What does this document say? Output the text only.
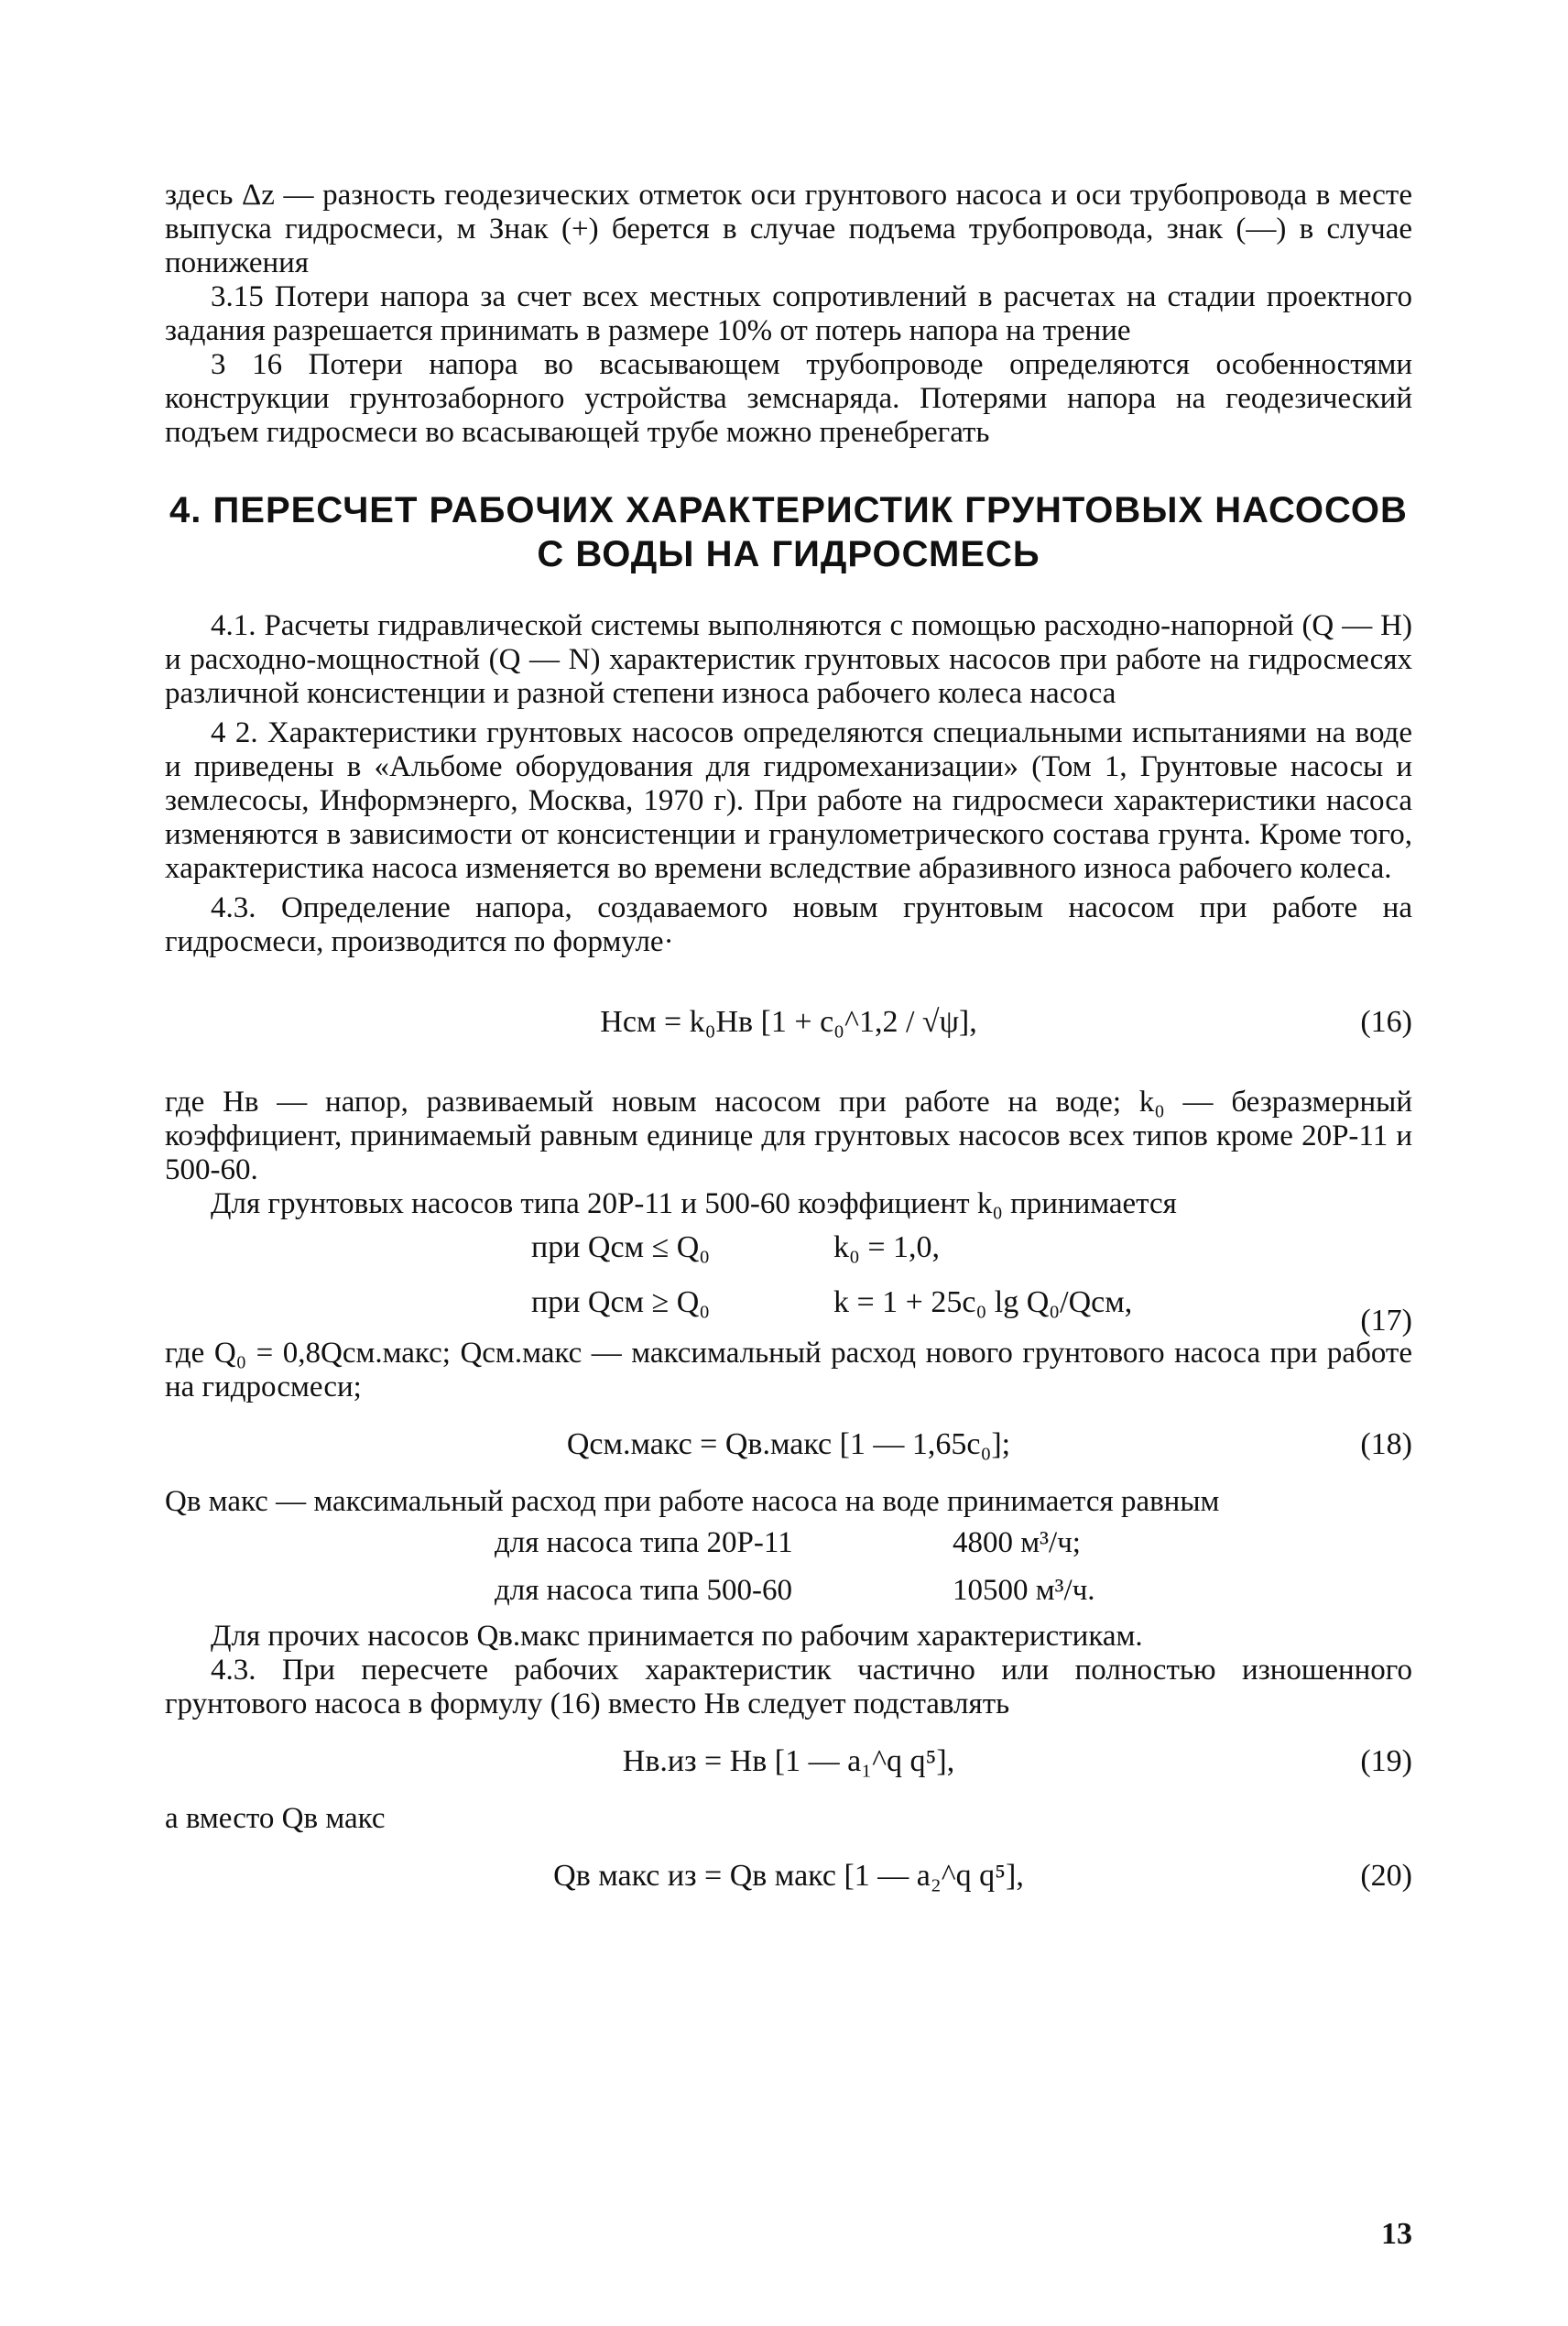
здесь Δz — разность геодезических отметок оси грунтового насоса и оси трубопровода в месте выпуска гидросмеси, м Знак (+) берется в случае подъема трубопровода, знак (—) в случае понижения

3.15 Потери напора за счет всех местных сопротивлений в расчетах на стадии проектного задания разрешается принимать в размере 10% от потерь напора на трение

3 16 Потери напора во всасывающем трубопроводе определяются особенностями конструкции грунтозаборного устройства земснаряда. Потерями напора на геодезический подъем гидросмеси во всасывающей трубе можно пренебрегать

4. ПЕРЕСЧЕТ РАБОЧИХ ХАРАКТЕРИСТИК ГРУНТОВЫХ НАСОСОВ С ВОДЫ НА ГИДРОСМЕСЬ

4.1. Расчеты гидравлической системы выполняются с помощью расходно-напорной (Q — H) и расходно-мощностной (Q — N) характеристик грунтовых насосов при работе на гидросмесях различной консистенции и разной степени износа рабочего колеса насоса

4 2. Характеристики грунтовых насосов определяются специальными испытаниями на воде и приведены в «Альбоме оборудования для гидромеханизации» (Том 1, Грунтовые насосы и землесосы, Информэнерго, Москва, 1970 г). При работе на гидросмеси характеристики насоса изменяются в зависимости от консистенции и гранулометрического состава грунта. Кроме того, характеристика насоса изменяется во времени вследствие абразивного износа рабочего колеса.

4.3. Определение напора, создаваемого новым грунтовым насосом при работе на гидросмеси, производится по формуле·

Hсм = k₀Hв [1 + c₀^1,2 / √ψ],	(16)

где Hв — напор, развиваемый новым насосом при работе на воде; k₀ — безразмерный коэффициент, принимаемый равным единице для грунтовых насосов всех типов кроме 20Р-11 и 500-60.

Для грунтовых насосов типа 20Р-11 и 500-60 коэффициент k₀ принимается

при Qсм ≤ Q₀	k₀ = 1,0,
при Qсм ≥ Q₀	k = 1 + 25c₀ lg Q₀/Qсм,
(17)

где Q₀ = 0,8Qсм.макс; Qсм.макс — максимальный расход нового грунтового насоса при работе на гидросмеси;

Qсм.макс = Qв.макс [1 — 1,65c₀];	(18)

Qв макс — максимальный расход при работе насоса на воде принимается равным

для насоса типа 20Р-11	4800 м³/ч;
для насоса типа 500-60	10500 м³/ч.

Для прочих насосов Qв.макс принимается по рабочим характеристикам.

4.3. При пересчете рабочих характеристик частично или полностью изношенного грунтового насоса в формулу (16) вместо Hв следует подставлять

Hв.из = Hв [1 — a₁^q q⁵],	(19)

а вместо Qв макс

Qв макс из = Qв макс [1 — a₂^q q⁵],	(20)
13
